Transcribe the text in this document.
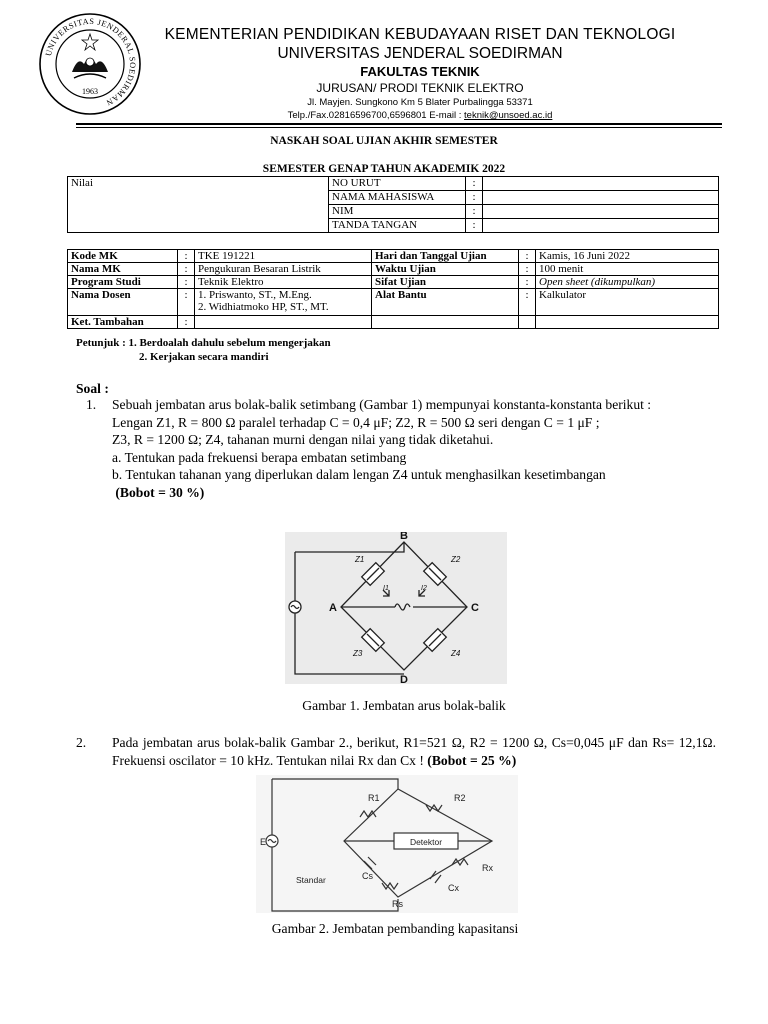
UNIVERSITAS JENDERAL SOEDIRMAN
1963
KEMENTERIAN PENDIDIKAN KEBUDAYAAN RISET DAN TEKNOLOGI
UNIVERSITAS JENDERAL SOEDIRMAN
FAKULTAS TEKNIK
JURUSAN/ PRODI TEKNIK ELEKTRO
Jl. Mayjen. Sungkono Km 5 Blater Purbalingga 53371
Telp./Fax.02816596700,6596801 E-mail : teknik@unsoed.ac.id
NASKAH SOAL UJIAN AKHIR SEMESTER
SEMESTER GENAP TAHUN AKADEMIK 2022
Nilai	NO URUT	:	
	NAMA MAHASISWA	:	
	NIM	:	
	TANDA TANGAN	:	
Kode MK	:	TKE 191221	Hari dan Tanggal Ujian	:	Kamis, 16 Juni 2022
Nama MK	:	Pengukuran Besaran Listrik	Waktu Ujian	:	100 menit
Program Studi	:	Teknik Elektro	Sifat Ujian	:	Open sheet (dikumpulkan)
Nama Dosen	:	1. Priswanto, ST., M.Eng.
2. Widhiatmoko HP, ST., MT.	Alat Bantu	:	Kalkulator
Ket. Tambahan	:				
Petunjuk : 1. Berdoalah dahulu sebelum mengerjakan
2. Kerjakan secara mandiri
Soal :
1. Sebuah jembatan arus bolak-balik setimbang (Gambar 1) mempunyai konstanta-konstanta berikut :

Lengan Z1, R = 800 Ω paralel terhadap C = 0,4 μF; Z2, R = 500 Ω seri dengan C = 1 μF ;

Z3, R = 1200 Ω; Z4, tahanan murni dengan nilai yang tidak diketahui.

a. Tentukan pada frekuensi berapa embatan setimbang

b. Tentukan tahanan yang diperlukan dalam lengan Z4 untuk menghasilkan kesetimbangan

(Bobot = 30 %)

B
A	C
D
Z1	Z2
Z3	Z4
I1	I2
Gambar 1. Jembatan arus bolak-balik
2. Pada jembatan arus bolak-balik Gambar 2., berikut, R1=521 Ω, R2 = 1200 Ω, Cs=0,045 μF dan Rs= 12,1Ω. Frekuensi oscilator = 10 kHz. Tentukan nilai Rx dan Cx ! (Bobot = 25 %)
E
R1	R2
Rx
Rs
Cs
Cx
Detektor
Standar
Gambar 2. Jembatan pembanding kapasitansi
